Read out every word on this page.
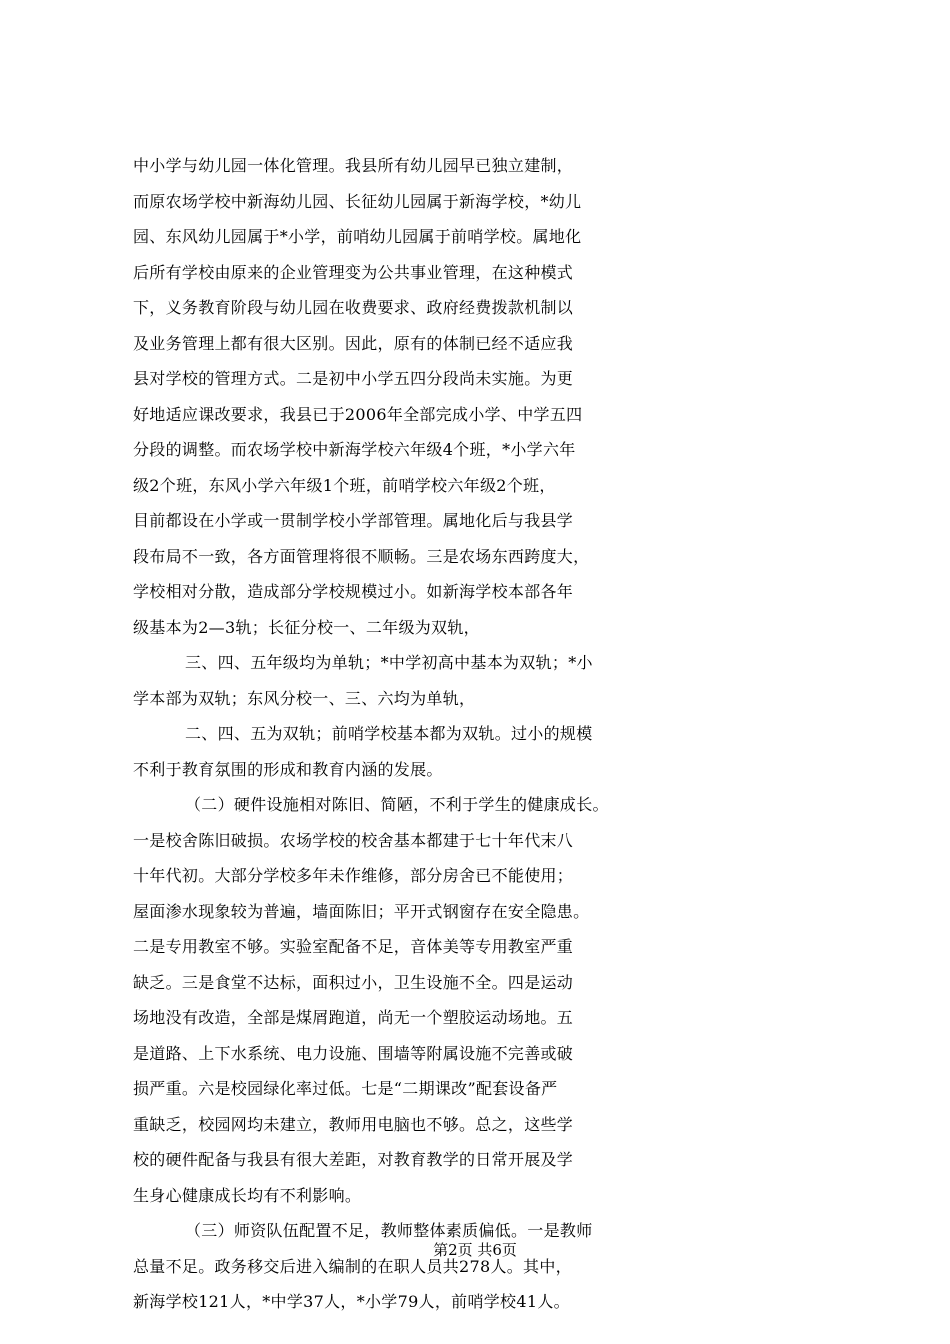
中小学与幼儿园一体化管理。我县所有幼儿园早已独立建制，
而原农场学校中新海幼儿园、长征幼儿园属于新海学校，*幼儿
园、东风幼儿园属于*小学，前哨幼儿园属于前哨学校。属地化
后所有学校由原来的企业管理变为公共事业管理，在这种模式
下，义务教育阶段与幼儿园在收费要求、政府经费拨款机制以
及业务管理上都有很大区别。因此，原有的体制已经不适应我
县对学校的管理方式。二是初中小学五四分段尚未实施。为更
好地适应课改要求，我县已于2006年全部完成小学、中学五四
分段的调整。而农场学校中新海学校六年级4个班，*小学六年
级2个班，东风小学六年级1个班，前哨学校六年级2个班，
目前都设在小学或一贯制学校小学部管理。属地化后与我县学
段布局不一致，各方面管理将很不顺畅。三是农场东西跨度大，
学校相对分散，造成部分学校规模过小。如新海学校本部各年
级基本为2—3轨；长征分校一、二年级为双轨，
三、四、五年级均为单轨；*中学初高中基本为双轨；*小
学本部为双轨；东风分校一、三、六均为单轨，
二、四、五为双轨；前哨学校基本都为双轨。过小的规模
不利于教育氛围的形成和教育内涵的发展。
（二）硬件设施相对陈旧、简陋，不利于学生的健康成长。
一是校舍陈旧破损。农场学校的校舍基本都建于七十年代末八
十年代初。大部分学校多年未作维修，部分房舍已不能使用；
屋面渗水现象较为普遍，墙面陈旧；平开式钢窗存在安全隐患。
二是专用教室不够。实验室配备不足，音体美等专用教室严重
缺乏。三是食堂不达标，面积过小，卫生设施不全。四是运动
场地没有改造，全部是煤屑跑道，尚无一个塑胶运动场地。五
是道路、上下水系统、电力设施、围墙等附属设施不完善或破
损严重。六是校园绿化率过低。七是“二期课改”配套设备严
重缺乏，校园网均未建立，教师用电脑也不够。总之，这些学
校的硬件配备与我县有很大差距，对教育教学的日常开展及学
生身心健康成长均有不利影响。
（三）师资队伍配置不足，教师整体素质偏低。一是教师
总量不足。政务移交后进入编制的在职人员共278人。其中，
新海学校121人，*中学37人，*小学79人，前哨学校41人。
第2页 共6页
